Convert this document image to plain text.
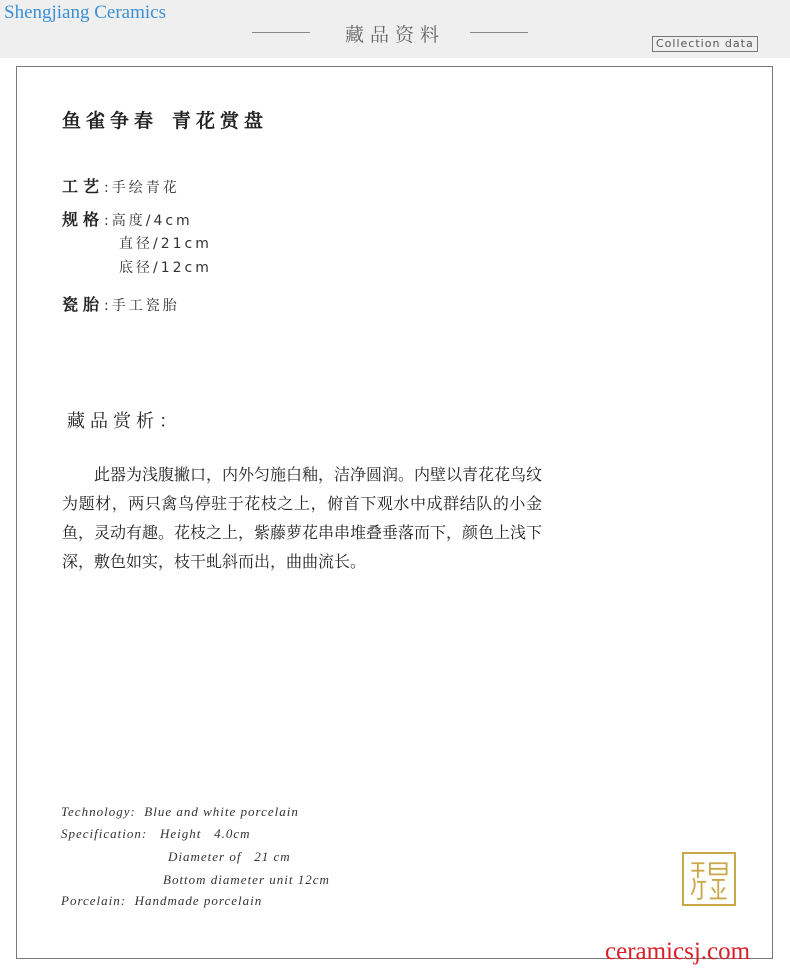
Shengjiang Ceramics
藏品资料	Collection data
鱼雀争春 青花赏盘
工艺:手绘青花
规格:高度/4cm
直径/21cm
底径/12cm
瓷胎:手工瓷胎
藏品赏析：
此器为浅腹撇口，内外匀施白釉，洁净圆润。内壁以青花花鸟纹为题材，两只禽鸟停驻于花枝之上，俯首下观水中成群结队的小金鱼，灵动有趣。花枝之上，紫藤萝花串串堆叠垂落而下，颜色上浅下深，敷色如实，枝干虬斜而出，曲曲流长。
Technology:  Blue and white porcelain
Specification:   Height   4.0cm
Diameter of   21 cm
Bottom diameter unit 12cm
Porcelain:  Handmade porcelain
ceramicsj.com
